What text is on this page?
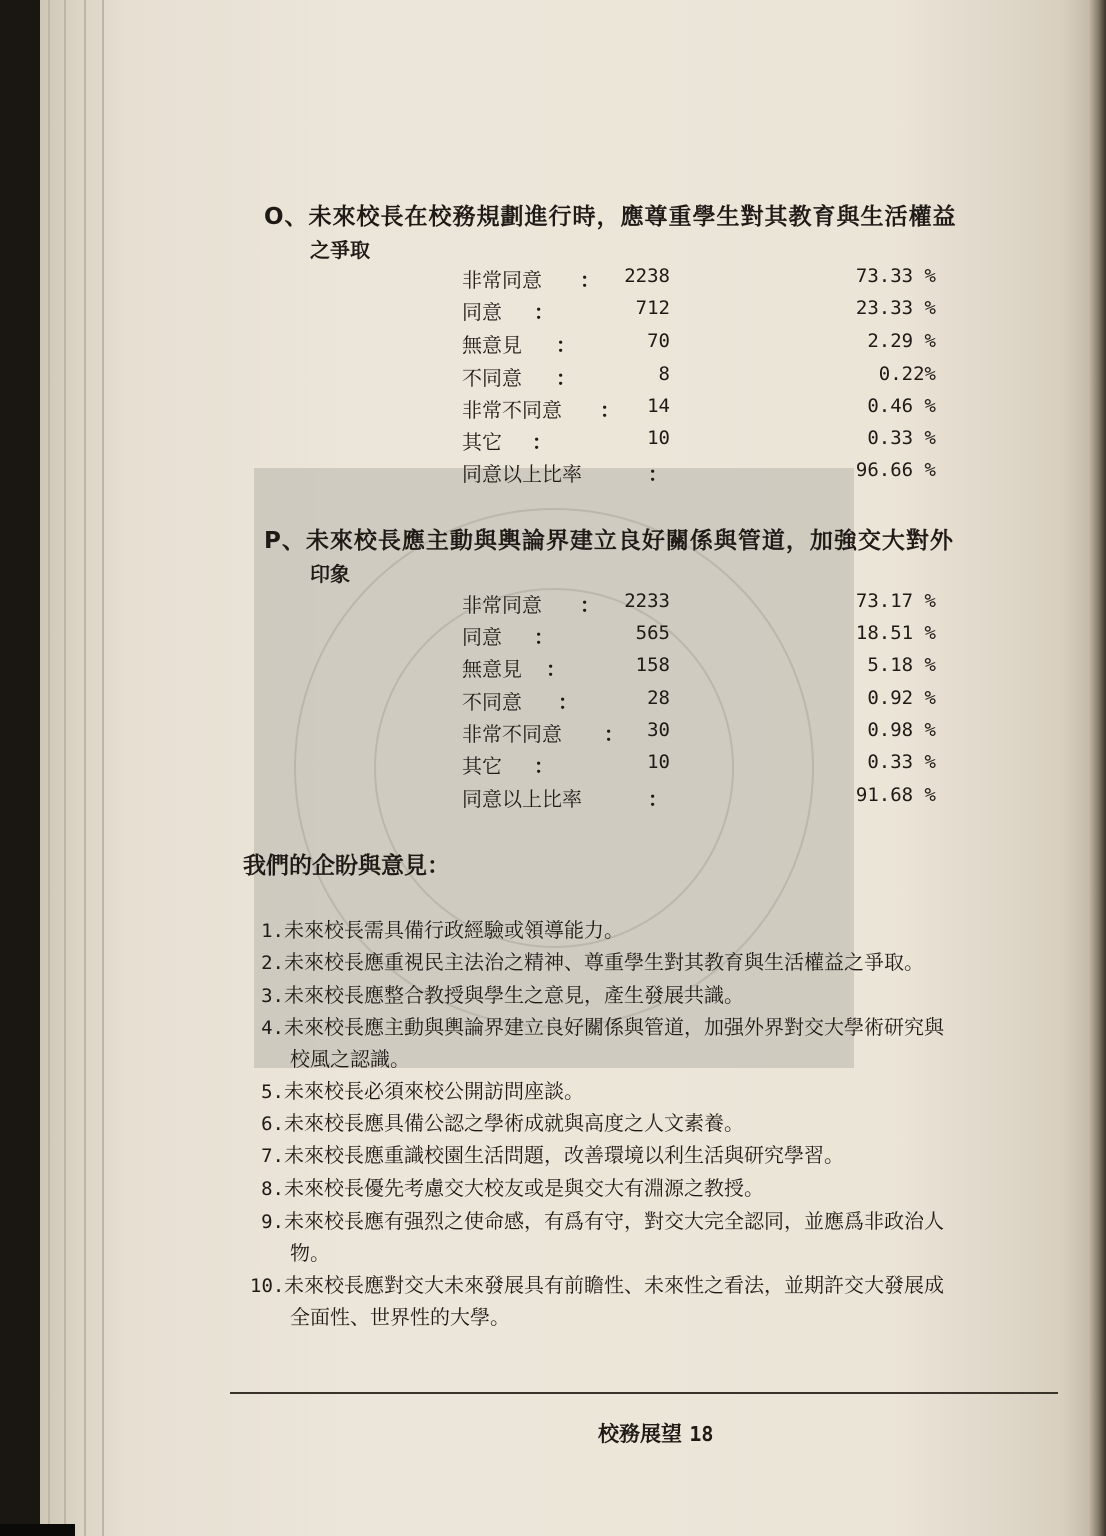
O、未來校長在校務規劃進行時，應尊重學生對其教育與生活權益
之爭取
非常同意 ：	2238	73.33 %
同意 ：	712	23.33 %
無意見 ：	70	2.29 %
不同意 ：	8	0.22%
非常不同意 ：	14	0.46 %
其它 ：	10	0.33 %
同意以上比率	：	96.66 %
P、未來校長應主動與輿論界建立良好關係與管道，加強交大對外
印象
非常同意 ：	2233	73.17 %
同意 ：	565	18.51 %
無意見 ：	158	5.18 %
不同意 ：	28	0.92 %
非常不同意 ：	30	0.98 %
其它 ：	10	0.33 %
同意以上比率	：	91.68 %
我們的企盼與意見：
1.未來校長需具備行政經驗或領導能力。
2.未來校長應重視民主法治之精神、尊重學生對其教育與生活權益之爭取。
3.未來校長應整合教授與學生之意見，產生發展共識。
4.未來校長應主動與輿論界建立良好關係與管道，加强外界對交大學術研究與
校風之認識。
5.未來校長必須來校公開訪問座談。
6.未來校長應具備公認之學術成就與高度之人文素養。
7.未來校長應重識校園生活問題，改善環境以利生活與研究學習。
8.未來校長優先考慮交大校友或是與交大有淵源之教授。
9.未來校長應有强烈之使命感，有爲有守，對交大完全認同，並應爲非政治人
物。
10.未來校長應對交大未來發展具有前瞻性、未來性之看法，並期許交大發展成
全面性、世界性的大學。
校務展望 18
